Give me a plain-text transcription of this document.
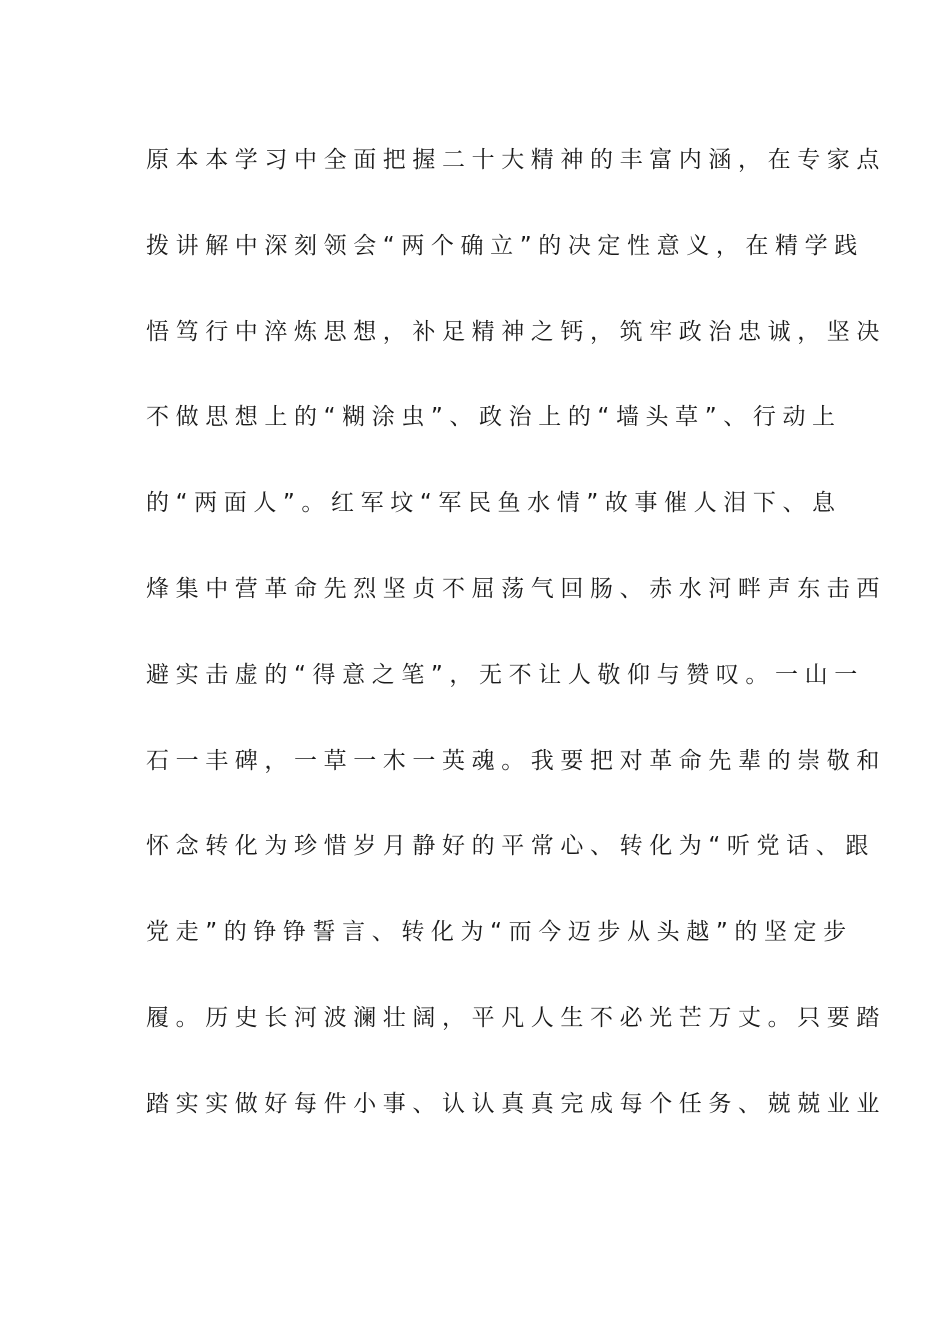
原本本学习中全面把握二十大精神的丰富内涵，在专家点
拨讲解中深刻领会“两个确立”的决定性意义，在精学践
悟笃行中淬炼思想，补足精神之钙，筑牢政治忠诚，坚决
不做思想上的“糊涂虫”、政治上的“墙头草”、行动上
的“两面人”。红军坟“军民鱼水情”故事催人泪下、息
烽集中营革命先烈坚贞不屈荡气回肠、赤水河畔声东击西
避实击虚的“得意之笔”，无不让人敬仰与赞叹。一山一
石一丰碑，一草一木一英魂。我要把对革命先辈的崇敬和
怀念转化为珍惜岁月静好的平常心、转化为“听党话、跟
党走”的铮铮誓言、转化为“而今迈步从头越”的坚定步
履。历史长河波澜壮阔，平凡人生不必光芒万丈。只要踏
踏实实做好每件小事、认认真真完成每个任务、兢兢业业
